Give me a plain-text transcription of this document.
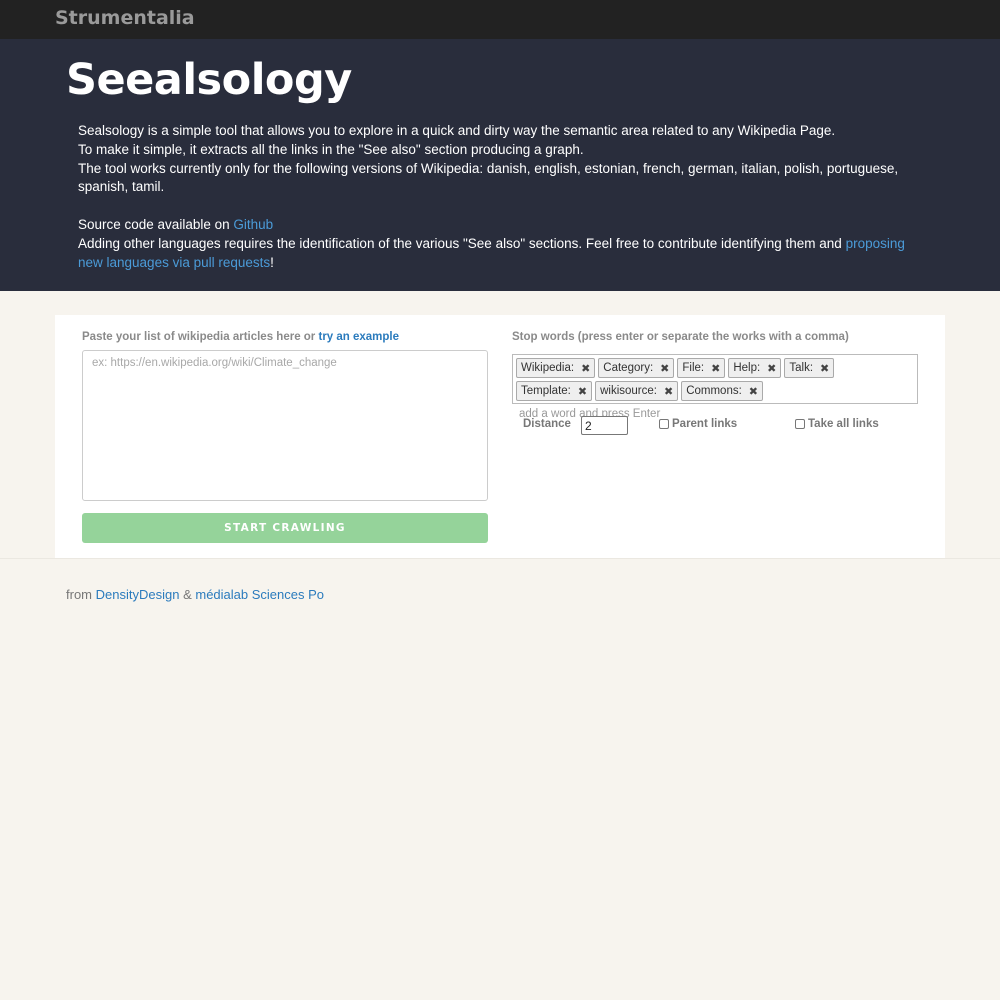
Strumentalia
Seealsology
Sealsology is a simple tool that allows you to explore in a quick and dirty way the semantic area related to any Wikipedia Page.
To make it simple, it extracts all the links in the "See also" section producing a graph.
The tool works currently only for the following versions of Wikipedia: danish, english, estonian, french, german, italian, polish, portuguese, spanish, tamil.
Source code available on Github
Adding other languages requires the identification of the various "See also" sections. Feel free to contribute identifying them and proposing new languages via pull requests!
Paste your list of wikipedia articles here or try an example
ex: https://en.wikipedia.org/wiki/Climate_change
START CRAWLING
Stop words (press enter or separate the works with a comma)
Wikipedia: ✖ Category: ✖ File: ✖ Help: ✖ Talk: ✖
Template: ✖ wikisource: ✖ Commons: ✖
add a word and press Enter
Distance
2	Parent links	Take all links
from DensityDesign & médialab Sciences Po
